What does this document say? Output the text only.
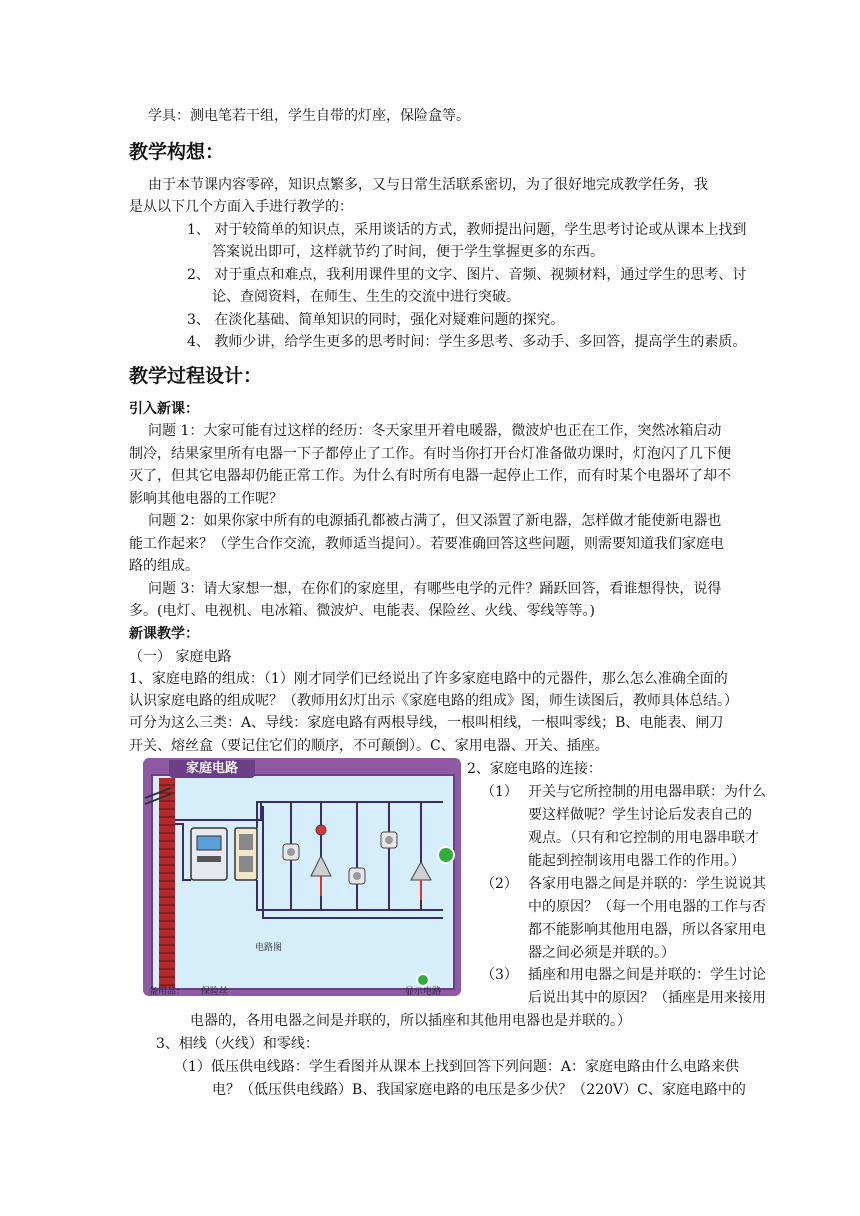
学具：测电笔若干组，学生自带的灯座，保险盒等。
教学构想：
由于本节课内容零碎，知识点繁多，又与日常生活联系密切，为了很好地完成教学任务，我
是从以下几个方面入手进行教学的：
1、 对于较简单的知识点，采用谈话的方式，教师提出问题，学生思考讨论或从课本上找到
答案说出即可，这样就节约了时间，便于学生掌握更多的东西。
2、 对于重点和难点，我利用课件里的文字、图片、音频、视频材料，通过学生的思考、讨
论、查阅资料，在师生、生生的交流中进行突破。
3、 在淡化基础、简单知识的同时，强化对疑难问题的探究。
4、 教师少讲，给学生更多的思考时间：学生多思考、多动手、多回答，提高学生的素质。
教学过程设计：
引入新课：
问题 1：大家可能有过这样的经历：冬天家里开着电暖器，微波炉也正在工作，突然冰箱启动
制冷，结果家里所有电器一下子都停止了工作。有时当你打开台灯准备做功课时，灯泡闪了几下便
灭了，但其它电器却仍能正常工作。为什么有时所有电器一起停止工作，而有时某个电器坏了却不
影响其他电器的工作呢？
问题 2：如果你家中所有的电源插孔都被占满了，但又添置了新电器，怎样做才能使新电器也
能工作起来？（学生合作交流，教师适当提问）。若要准确回答这些问题，则需要知道我们家庭电
路的组成。
问题 3：请大家想一想，在你们的家庭里，有哪些电学的元件？踊跃回答，看谁想得快，说得
多。(电灯、电视机、电冰箱、微波炉、电能表、保险丝、火线、零线等等。)
新课教学：
（一） 家庭电路
1、家庭电路的组成：（1）刚才同学们已经说出了许多家庭电路中的元器件，那么怎么准确全面的
认识家庭电路的组成呢？（教师用幻灯出示《家庭电路的组成》图，师生读图后，教师具体总结。）
可分为这么三类：A、导线：家庭电路有两根导线，一根叫相线，一根叫零线；B、电能表、闸刀
开关、熔丝盒（要记住它们的顺序，不可颠倒）。C、家用电器、开关、插座。
2、家庭电路的连接：
（1） 开关与它所控制的用电器串联：为什么
要这样做呢？学生讨论后发表自己的
观点。（只有和它控制的用电器串联才
能起到控制该用电器工作的作用。）
（2） 各家用电器之间是并联的：学生说说其
中的原因？（每一个用电器的工作与否
都不能影响其他用电器，所以各家用电
器之间必须是并联的。）
（3） 插座和用电器之间是并联的：学生讨论
后说出其中的原因？（插座是用来接用
电器的，各用电器之间是并联的，所以插座和其他用电器也是并联的。）
3、相线（火线）和零线：
（1）低压供电线路：学生看图并从课本上找到回答下列问题：A：家庭电路由什么电路来供
电？（低压供电线路）B、我国家庭电路的电压是多少伏？（220V）C、家庭电路中的
家庭电路
电路图
备用品： 保险丝	显示电路
